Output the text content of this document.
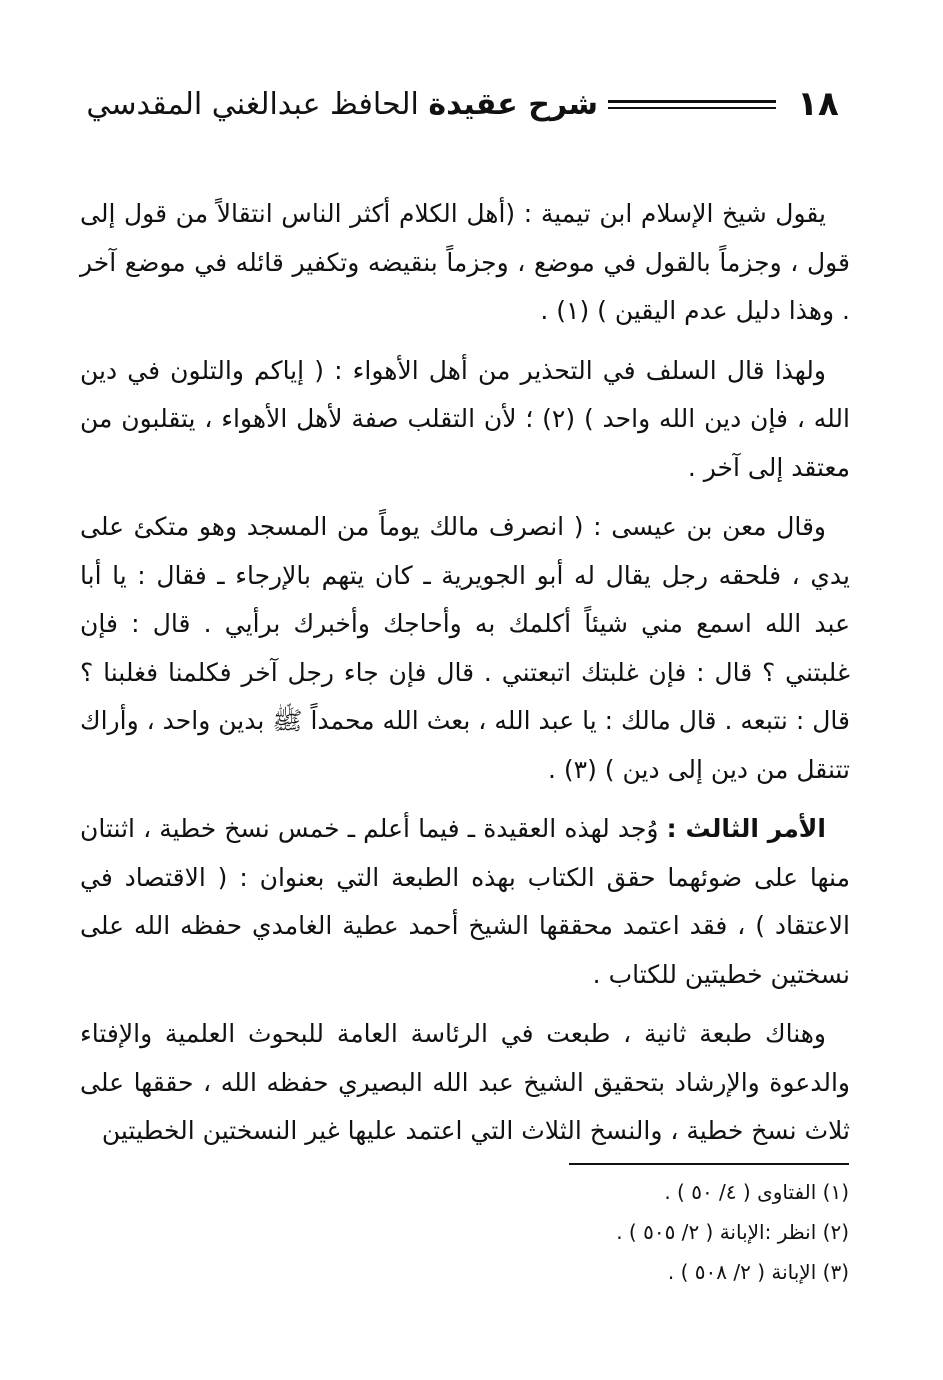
١٨
شرح عقيدة الحافظ عبدالغني المقدسي

يقول شيخ الإسلام ابن تيمية : (أهل الكلام أكثر الناس انتقالاً من قول إلى قول ، وجزماً بالقول في موضع ، وجزماً بنقيضه وتكفير قائله في موضع آخر . وهذا دليل عدم اليقين ) (١) .

ولهذا قال السلف في التحذير من أهل الأهواء : ( إياكم والتلون في دين الله ، فإن دين الله واحد ) (٢) ؛ لأن التقلب صفة لأهل الأهواء ، يتقلبون من معتقد إلى آخر .

وقال معن بن عيسى : ( انصرف مالك يوماً من المسجد وهو متكئ على يدي ، فلحقه رجل يقال له أبو الجويرية ـ كان يتهم بالإرجاء ـ فقال : يا أبا عبد الله اسمع مني شيئاً أكلمك به وأحاجك وأخبرك برأيي . قال : فإن غلبتني ؟ قال : فإن غلبتك اتبعتني . قال فإن جاء رجل آخر فكلمنا فغلبنا ؟ قال : نتبعه . قال مالك : يا عبد الله ، بعث الله محمداً ﷺ بدين واحد ، وأراك تتنقل من دين إلى دين ) (٣) .

الأمر الثالث : وُجد لهذه العقيدة ـ فيما أعلم ـ خمس نسخ خطية ، اثنتان منها على ضوئهما حقق الكتاب بهذه الطبعة التي بعنوان : ( الاقتصاد في الاعتقاد ) ، فقد اعتمد محققها الشيخ أحمد عطية الغامدي حفظه الله على نسختين خطيتين للكتاب .

وهناك طبعة ثانية ، طبعت في الرئاسة العامة للبحوث العلمية والإفتاء والدعوة والإرشاد بتحقيق الشيخ عبد الله البصيري حفظه الله ، حققها على ثلاث نسخ خطية ، والنسخ الثلاث التي اعتمد عليها غير النسختين الخطيتين

(١) الفتاوى ( ٤/ ٥٠ ) .
(٢) انظر :الإبانة ( ٢/ ٥٠٥ ) .
(٣) الإبانة ( ٢/ ٥٠٨ ) .
